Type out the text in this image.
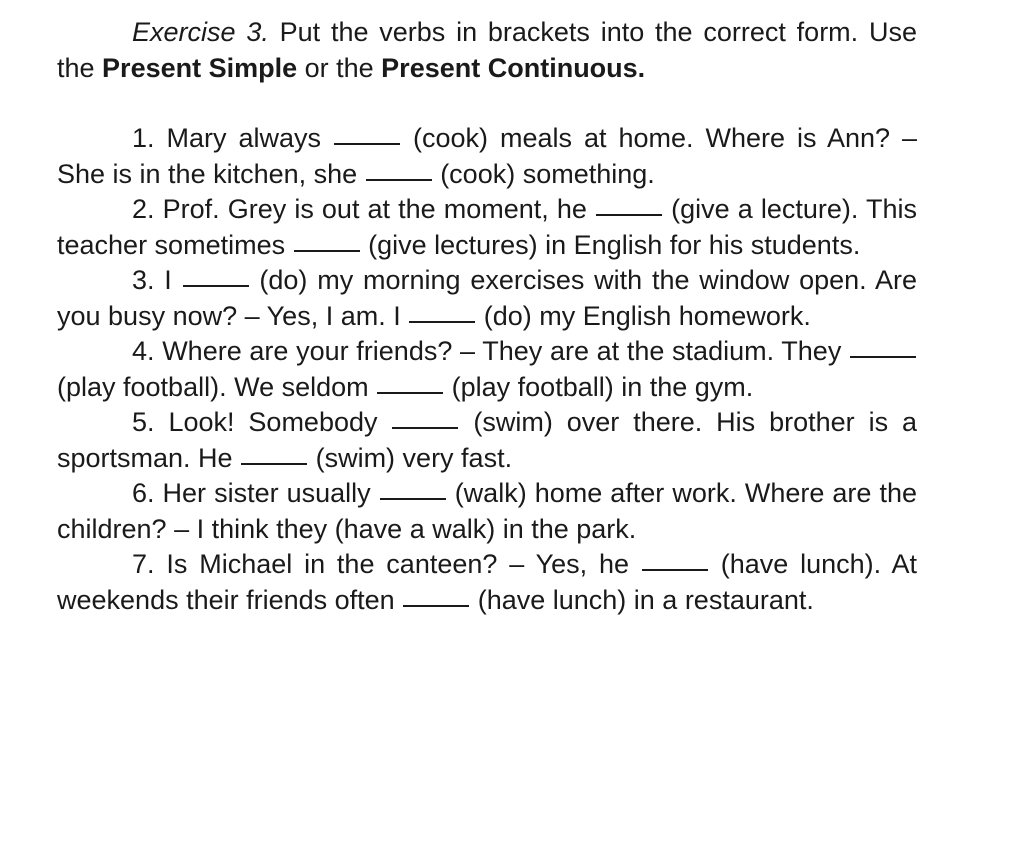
Exercise 3. Put the verbs in brackets into the correct form. Use the Present Simple or the Present Continuous.

1. Mary always	(cook) meals at home. Where is Ann? – She is in the kitchen, she	(cook) something.

2. Prof. Grey is out at the moment, he	(give a lecture). This teacher sometimes	(give lectures) in English for his students.

3. I	(do) my morning exercises with the window open. Are you busy now? – Yes, I am. I	(do) my English homework.

4. Where are your friends? – They are at the stadium. They  (play football). We seldom	(play football) in the gym.

5. Look! Somebody	(swim) over there. His brother is a sportsman. He	(swim) very fast.

6. Her sister usually	(walk) home after work. Where are the children? – I think they (have a walk) in the park.

7. Is Michael in the canteen? – Yes, he	(have lunch). At weekends their friends often	(have lunch) in a restaurant.
